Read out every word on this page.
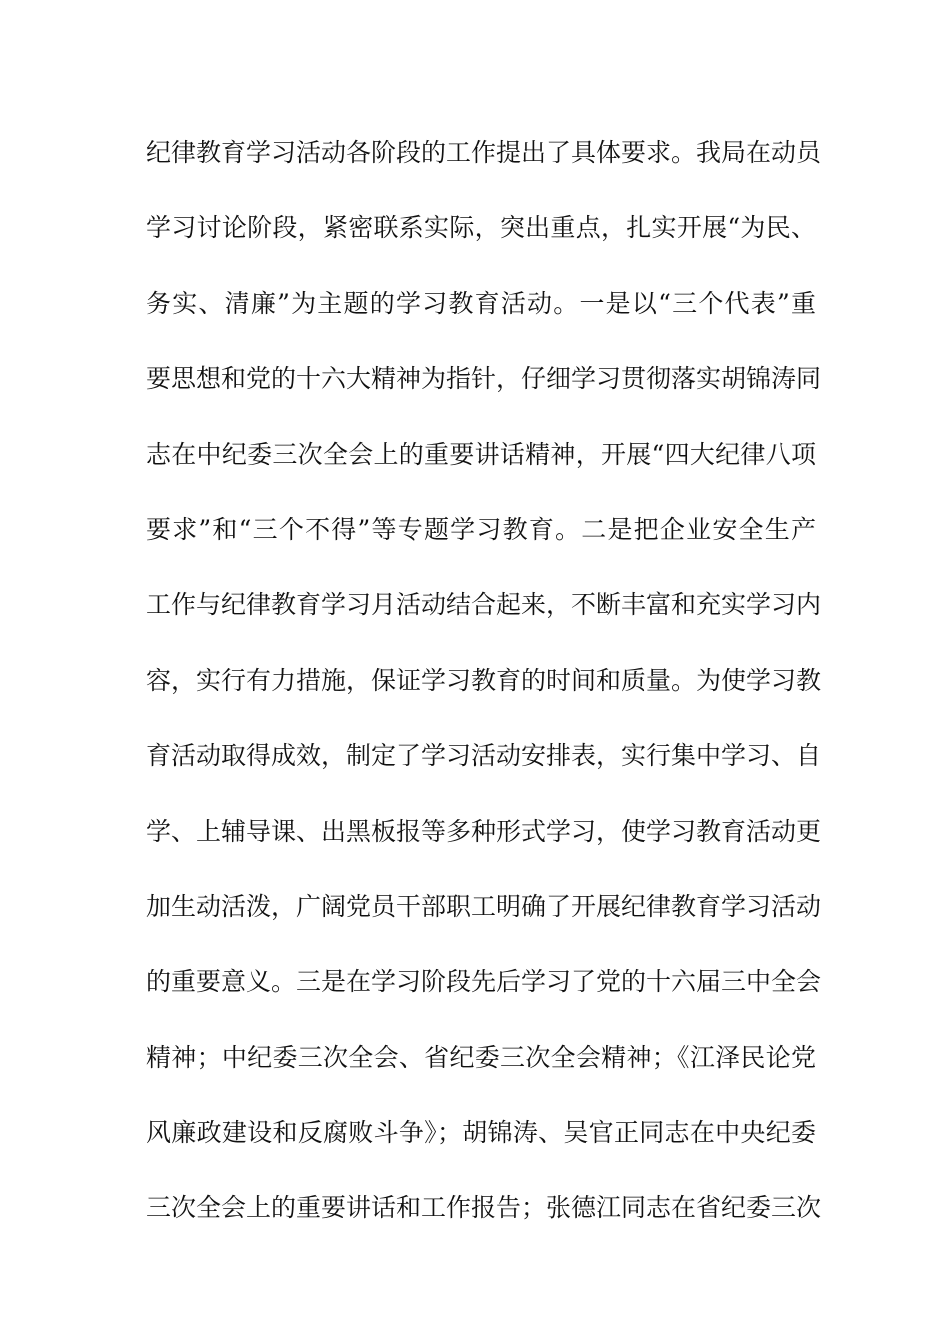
纪律教育学习活动各阶段的工作提出了具体要求。我局在动员
学习讨论阶段，紧密联系实际，突出重点，扎实开展“为民、
务实、清廉”为主题的学习教育活动。一是以“三个代表”重
要思想和党的十六大精神为指针，仔细学习贯彻落实胡锦涛同
志在中纪委三次全会上的重要讲话精神，开展“四大纪律八项
要求”和“三个不得”等专题学习教育。二是把企业安全生产
工作与纪律教育学习月活动结合起来，不断丰富和充实学习内
容，实行有力措施，保证学习教育的时间和质量。为使学习教
育活动取得成效，制定了学习活动安排表，实行集中学习、自
学、上辅导课、出黑板报等多种形式学习，使学习教育活动更
加生动活泼，广阔党员干部职工明确了开展纪律教育学习活动
的重要意义。三是在学习阶段先后学习了党的十六届三中全会
精神；中纪委三次全会、省纪委三次全会精神；《江泽民论党
风廉政建设和反腐败斗争》；胡锦涛、吴官正同志在中央纪委
三次全会上的重要讲话和工作报告；张德江同志在省纪委三次
